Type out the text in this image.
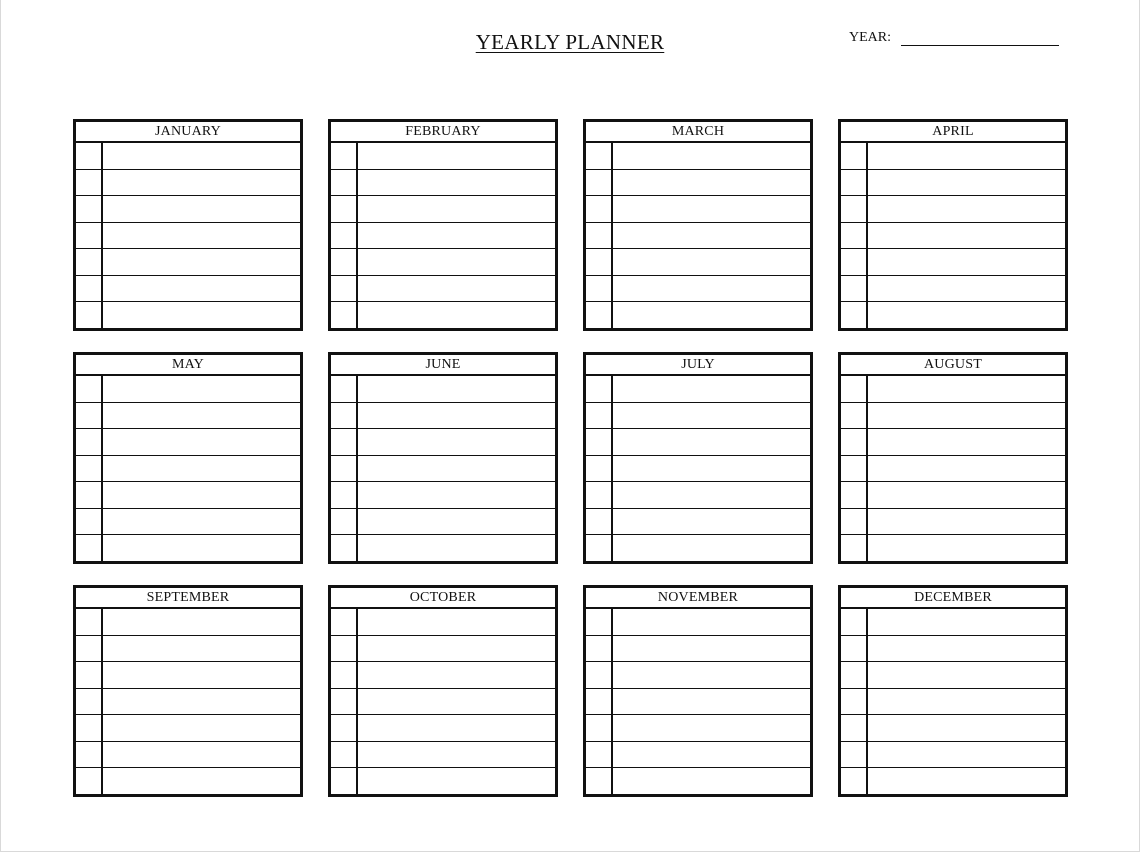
YEARLY PLANNER	YEAR:
JANUARY	FEBRUARY	MARCH	APRIL
MAY	JUNE	JULY	AUGUST
SEPTEMBER	OCTOBER	NOVEMBER	DECEMBER
